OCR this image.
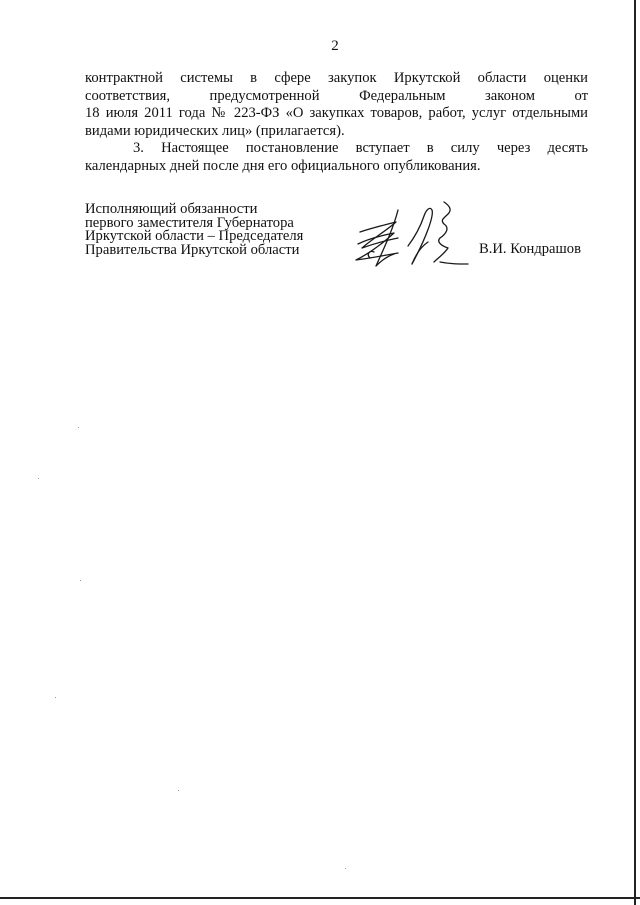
2
контрактной системы в сфере закупок Иркутской области оценки
соответствия, предусмотренной Федеральным законом от
18 июля 2011 года № 223-ФЗ «О закупках товаров, работ, услуг отдельными
видами юридических лиц» (прилагается).
3. Настоящее постановление вступает в силу через десять
календарных дней после дня его официального опубликования.
Исполняющий обязанности
первого заместителя Губернатора
Иркутской области – Председателя
Правительства Иркутской области	В.И. Кондрашов
